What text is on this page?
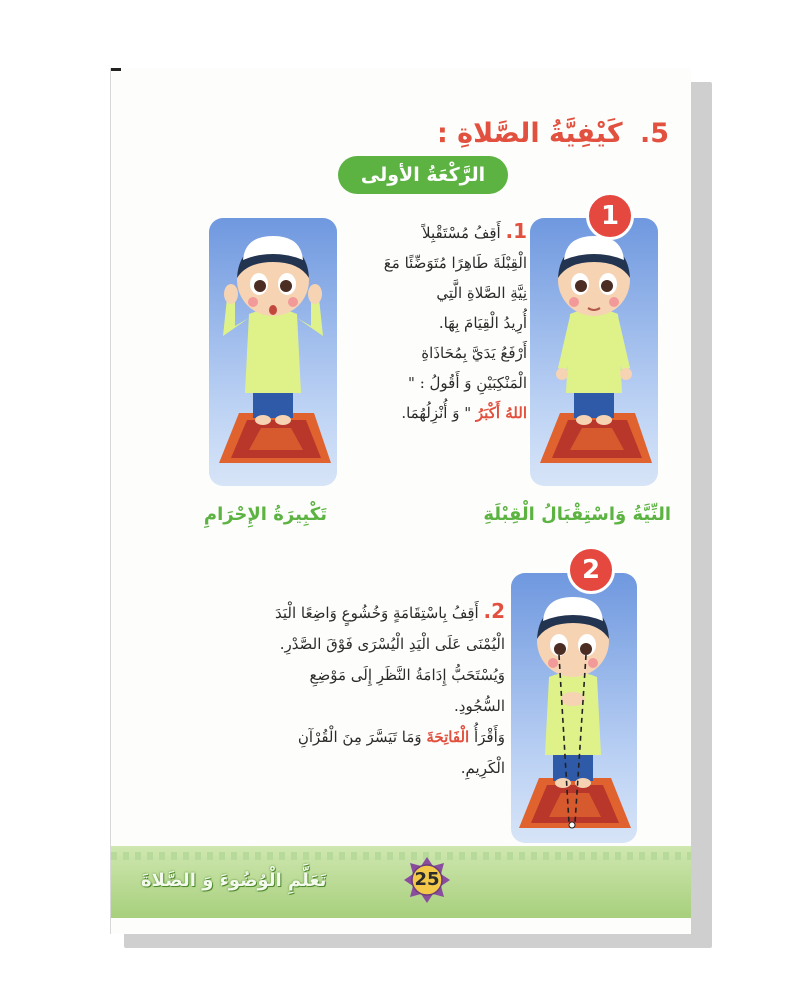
5. كَيْفِيَّةُ الصَّلاةِ :
الرَّكْعَةُ الأولى
1
1. أَقِفُ مُسْتَقْبِلاً
الْقِبْلَةَ طَاهِرًا مُتَوَضِّئًا مَعَ
نِيَّةِ الصَّلاةِ الَّتِي
أُرِيدُ الْقِيَامَ بِهَا.
أَرْفَعُ يَدَيَّ بِمُحَاذَاةِ
الْمَنْكِبَيْنِ وَ أَقُولُ : "
اللهُ أَكْبَرُ " وَ أُنْزِلُهُمَا.
النِّيَّةُ وَاسْتِقْبَالُ الْقِبْلَةِ
تَكْبِيرَةُ الإِحْرَامِ
2
2. أَقِفُ بِاسْتِقَامَةٍ وَخُشُوعٍ وَاضِعًا الْيَدَ
الْيُمْنَى عَلَى الْيَدِ الْيُسْرَى فَوْقَ الصَّدْرِ.
وَيُسْتَحَبُّ إِدَامَةُ النَّظَرِ إِلَى مَوْضِعِ
السُّجُودِ.
وَأَقْرَأُ الْفَاتِحَةَ وَمَا تَيَسَّرَ مِنَ الْقُرْآنِ
الْكَرِيمِ.
تَعَلَّمِ الْوُضُوءَ وَ الصَّلاةَ	25
